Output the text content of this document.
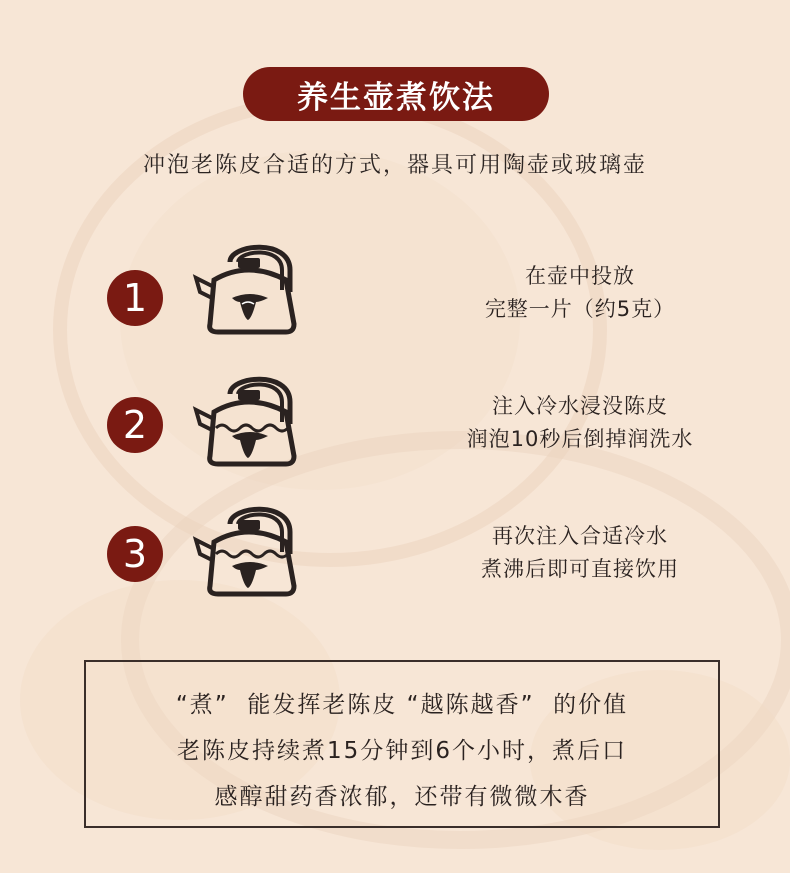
养生壶煮饮法
冲泡老陈皮合适的方式，器具可用陶壶或玻璃壶
1	在壶中投放
完整一片（约5克）
2	注入冷水浸没陈皮
润泡10秒后倒掉润洗水
3	再次注入合适冷水
煮沸后即可直接饮用
“煮”  能发挥老陈皮 “越陈越香”  的价值
老陈皮持续煮15分钟到6个小时，煮后口
感醇甜药香浓郁，还带有微微木香
